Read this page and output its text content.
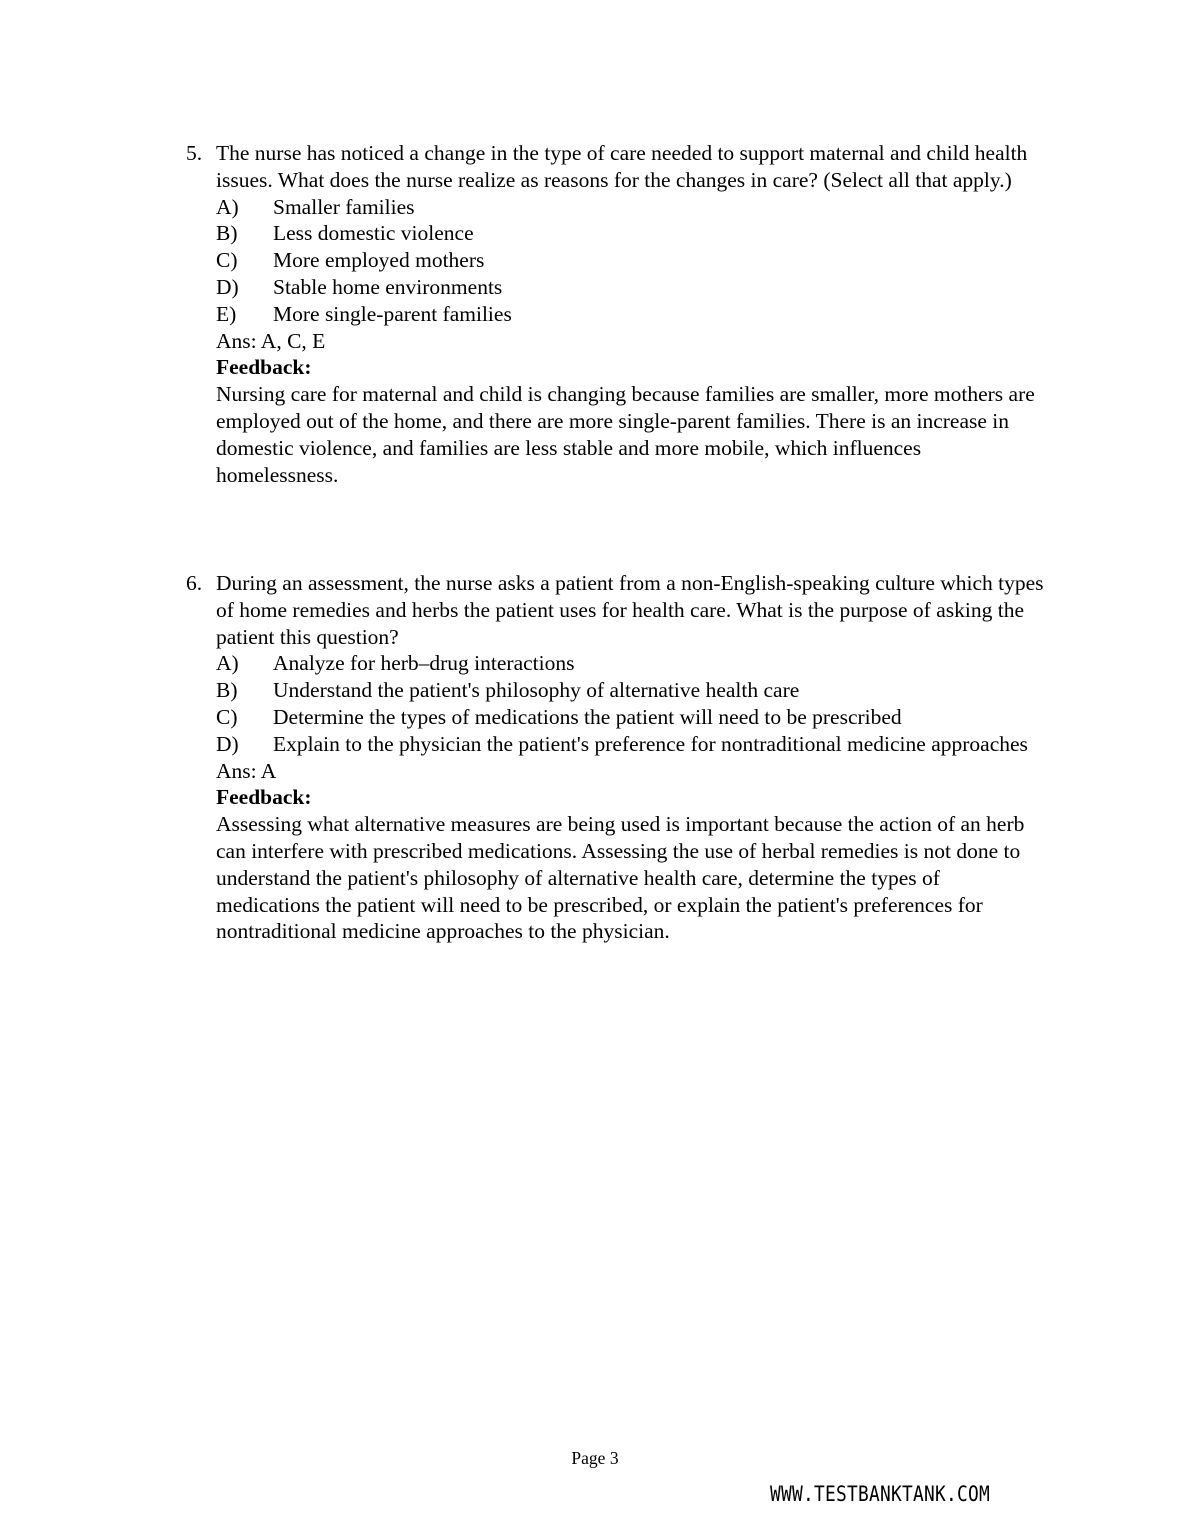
5. The nurse has noticed a change in the type of care needed to support maternal and child health issues. What does the nurse realize as reasons for the changes in care? (Select all that apply.)
A)	Smaller families
B)	Less domestic violence
C)	More employed mothers
D)	Stable home environments
E)	More single-parent families
Ans: A, C, E
Feedback:
Nursing care for maternal and child is changing because families are smaller, more mothers are employed out of the home, and there are more single-parent families. There is an increase in domestic violence, and families are less stable and more mobile, which influences homelessness.
6. During an assessment, the nurse asks a patient from a non-English-speaking culture which types of home remedies and herbs the patient uses for health care. What is the purpose of asking the patient this question?
A)	Analyze for herb–drug interactions
B)	Understand the patient's philosophy of alternative health care
C)	Determine the types of medications the patient will need to be prescribed
D)	Explain to the physician the patient's preference for nontraditional medicine approaches
Ans: A
Feedback:
Assessing what alternative measures are being used is important because the action of an herb can interfere with prescribed medications. Assessing the use of herbal remedies is not done to understand the patient's philosophy of alternative health care, determine the types of medications the patient will need to be prescribed, or explain the patient's preferences for nontraditional medicine approaches to the physician.
Page 3
WWW.TESTBANKTANK.COM
